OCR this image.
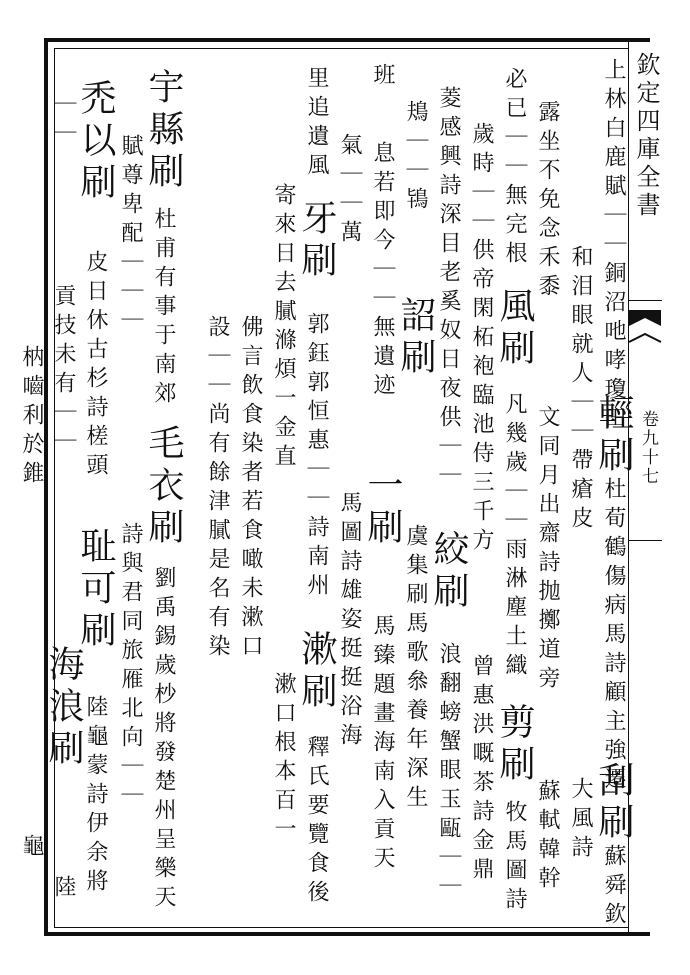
欽定四庫全書
卷九十七
上林白鹿賦｜｜銅沼吔哮瓊田
輕刷
杜荀鶴傷病馬詩顧主強遷
刮刷
蘇舜欽
和泪眼就人｜｜帶瘡皮
大風詩
露坐不免念禾黍
文同月出齋詩抛擲道旁
蘇軾韓幹
必已｜｜無完根
風刷
凡幾歲｜｜雨淋塵土織
剪刷
牧馬圖詩
歲時｜｜供帝閑柘袍臨池侍三千方
曾惠洪嘅茶詩金鼎
菱感興詩深目老奚奴日夜供｜｜
絞刷
浪翻螃蟹眼玉甌｜｜
鳺｜｜鴇
詔刷
虞集刷馬歌叅養年深生
班
息若即今｜｜無遺迹
一刷
馬臻題畫海南入貢天
氣｜｜萬
馬圖詩雄姿挺挺浴海
里追遺風
牙刷
郭鈺郭恒惠｜｜詩南州
漱刷
釋氏要覽食後
寄來日去膩滌煩一金直
漱口根本百一
佛言飲食染者若食噉未漱口
設｜｜尚有餘津膩是名有染
宇縣刷
杜甫有事于南郊
毛衣刷
劉禹錫歲杪將發楚州呈樂天
賦尊卑配｜｜｜
詩與君同旅雁北向｜｜
禿以刷
皮日休古杉詩槎頭
耻可刷
陸龜蒙詩伊余將
｜｜
貢技未有｜｜
海浪刷
陸
枘嚙利於錐
龜
